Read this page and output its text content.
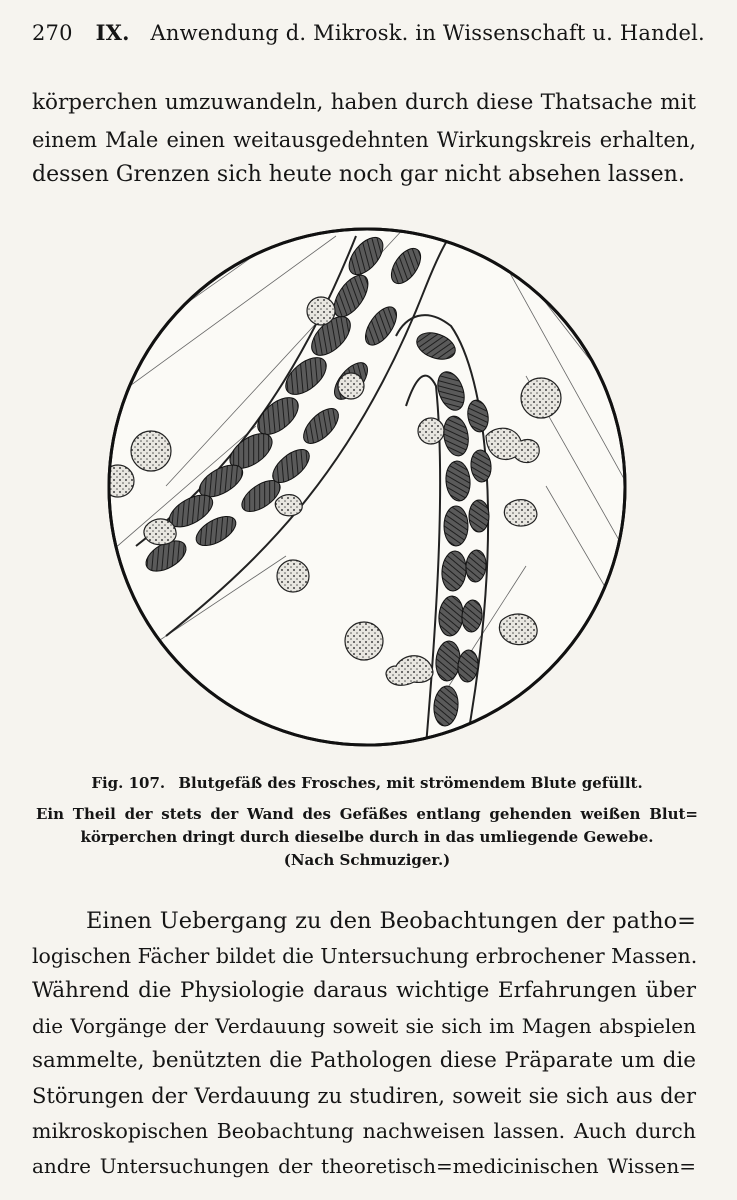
270 IX. Anwendung d. Mikrosk. in Wissenschaft u. Handel.
körperchen umzuwandeln, haben durch diese Thatsache mit
einem Male einen weitausgedehnten Wirkungskreis erhalten,
dessen Grenzen sich heute noch gar nicht absehen lassen.
Fig. 107. Blutgefäß des Frosches, mit strömendem Blute gefüllt.
Ein Theil der stets der Wand des Gefäßes entlang gehenden weißen Blut=
körperchen dringt durch dieselbe durch in das umliegende Gewebe.
(Nach Schmuziger.)
Einen Uebergang zu den Beobachtungen der patho=
logischen Fächer bildet die Untersuchung erbrochener Massen.
Während die Physiologie daraus wichtige Erfahrungen über
die Vorgänge der Verdauung soweit sie sich im Magen abspielen
sammelte, benützten die Pathologen diese Präparate um die
Störungen der Verdauung zu studiren, soweit sie sich aus der
mikroskopischen Beobachtung nachweisen lassen. Auch durch
andre Untersuchungen der theoretisch=medicinischen Wissen=
